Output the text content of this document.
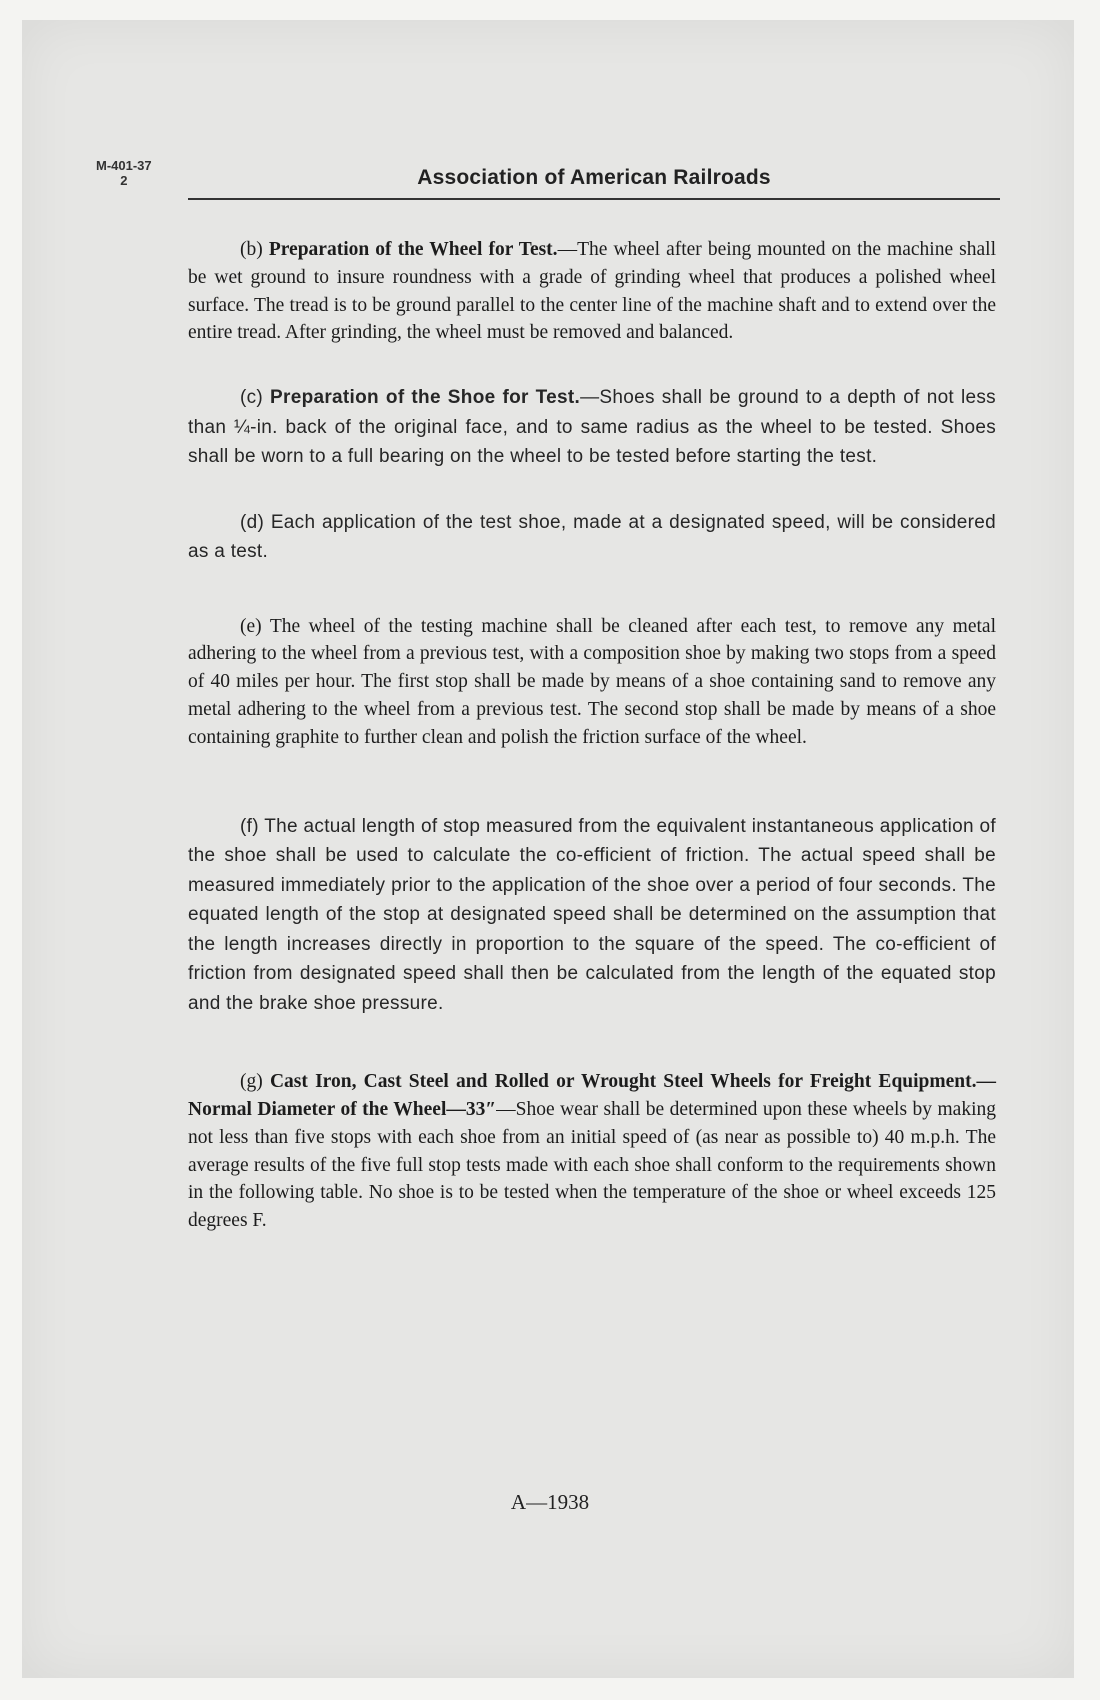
M-401-37
2	Association of American Railroads

(b) Preparation of the Wheel for Test.—The wheel after being mounted on the machine shall be wet ground to insure roundness with a grade of grinding wheel that produces a polished wheel surface. The tread is to be ground parallel to the center line of the machine shaft and to extend over the entire tread. After grinding, the wheel must be removed and balanced.

(c) Preparation of the Shoe for Test.—Shoes shall be ground to a depth of not less than ¼-in. back of the original face, and to same radius as the wheel to be tested. Shoes shall be worn to a full bearing on the wheel to be tested before starting the test.

(d) Each application of the test shoe, made at a designated speed, will be considered as a test.

(e) The wheel of the testing machine shall be cleaned after each test, to remove any metal adhering to the wheel from a previous test, with a composition shoe by making two stops from a speed of 40 miles per hour. The first stop shall be made by means of a shoe containing sand to remove any metal adhering to the wheel from a previous test. The second stop shall be made by means of a shoe containing graphite to further clean and polish the friction surface of the wheel.

(f) The actual length of stop measured from the equivalent instantaneous application of the shoe shall be used to calculate the co-efficient of friction. The actual speed shall be measured immediately prior to the application of the shoe over a period of four seconds. The equated length of the stop at designated speed shall be determined on the assumption that the length increases directly in proportion to the square of the speed. The co-efficient of friction from designated speed shall then be calculated from the length of the equated stop and the brake shoe pressure.

(g) Cast Iron, Cast Steel and Rolled or Wrought Steel Wheels for Freight Equipment.—Normal Diameter of the Wheel—33″—Shoe wear shall be determined upon these wheels by making not less than five stops with each shoe from an initial speed of (as near as possible to) 40 m.p.h. The average results of the five full stop tests made with each shoe shall conform to the requirements shown in the following table. No shoe is to be tested when the temperature of the shoe or wheel exceeds 125 degrees F.

A—1938
